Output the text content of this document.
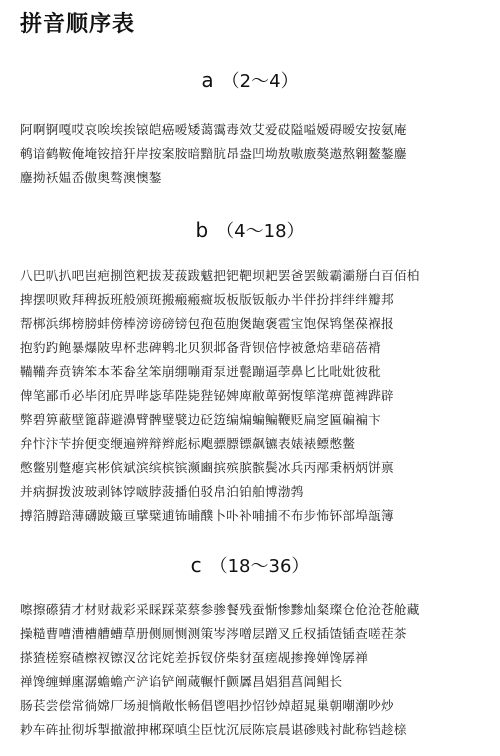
拼音顺序表
a （2～4）
阿啊锕嘎哎哀唉埃挨锿皑癌嗳矮蔼霭毒效艾爱砹隘嗌嫒碍暧安按氨庵
鹌谙鹤鞍俺埯铵揞犴岸按案胺暗黯肮昂盎凹坳敖嗷廒獒遨熬翱鳌鏊鏖
鏖拗袄媪岙傲奥骜澳懊鏊
b （4～18）
八巴叭扒吧岜疤捌笆粑拔茇菝跋魃把钯靶坝耙罢爸罢鲅霸灞掰白百佰柏
捭摆呗败拜稗扳班般颁斑搬瘢瘢癍坂板版钣舨办半伴扮拌绊绊瓣邦
帮梆浜绑榜膀蚌傍棒滂谤磅镑包孢苞胞煲龅褒雹宝饱保鸨堡葆褓报
抱豹趵鲍暴爆陂卑杯悲碑鹎北贝狈邶备背钡倍悖被惫焙辈碚蓓褙
鞴鞴奔贲锛笨本苯畚坌笨崩绷嘣甭泵迸甏蹦逼荸鼻匕比吡妣彼秕
俾笔鄙币必毕闭庇畀哔毖荜陛毙狴铋婢庳敝萆弼愎筚滗痹蓖裨跸辟
弊碧箅蔽壁篦薜避濞臂髀璧襞边砭笾编煸蝙鳊鞭贬扁窆匾碥褊卞
弁忭汴苄拚便变缏遍辨辩辫彪标飑骠膘镖飙镳表婊裱鳔憋鳖
憋鳖别蹩瘪宾彬傧斌滨缤槟镔濒豳摈殡膑髌鬓冰兵丙邴秉柄炳饼禀
并病摒拨波玻剥钵饽啵脖菠播伯驳帛泊铂舶博渤鹁
搏箔膊踣薄礴跛簸亘擘檗逋钸晡醭卜卟补哺捕不布步怖钚部埠瓿簿
c （18～36）
嚓擦礤猜才材财裁彩采睬踩菜蔡参骖餐残蚕惭惨黪灿粲璨仓伧沧苍舱藏
操糙曹嘈漕槽艚螬草册侧厕恻测策岑涔噌层蹭叉丘杈插馇锸查嗟茬茶
搽猹槎察碴檫衩镲汊岔诧姹差拆钗侪柴豺虿瘥觇掺搀婵馋孱禅
禅馋缠蝉廛潺蟾蟾产浐谄铲阐蒇冁忏颤羼昌娼猖菖阊鲳长
肠苌尝偿常徜嫦厂场昶惝敞怅畅倡鬯唱抄怊钞焯超晁巢朝嘲潮吵炒
耖车砗扯彻坼掣撤澈抻郴琛嗔尘臣忱沉辰陈宸晨谌碜贱衬龀称铛趁榇
